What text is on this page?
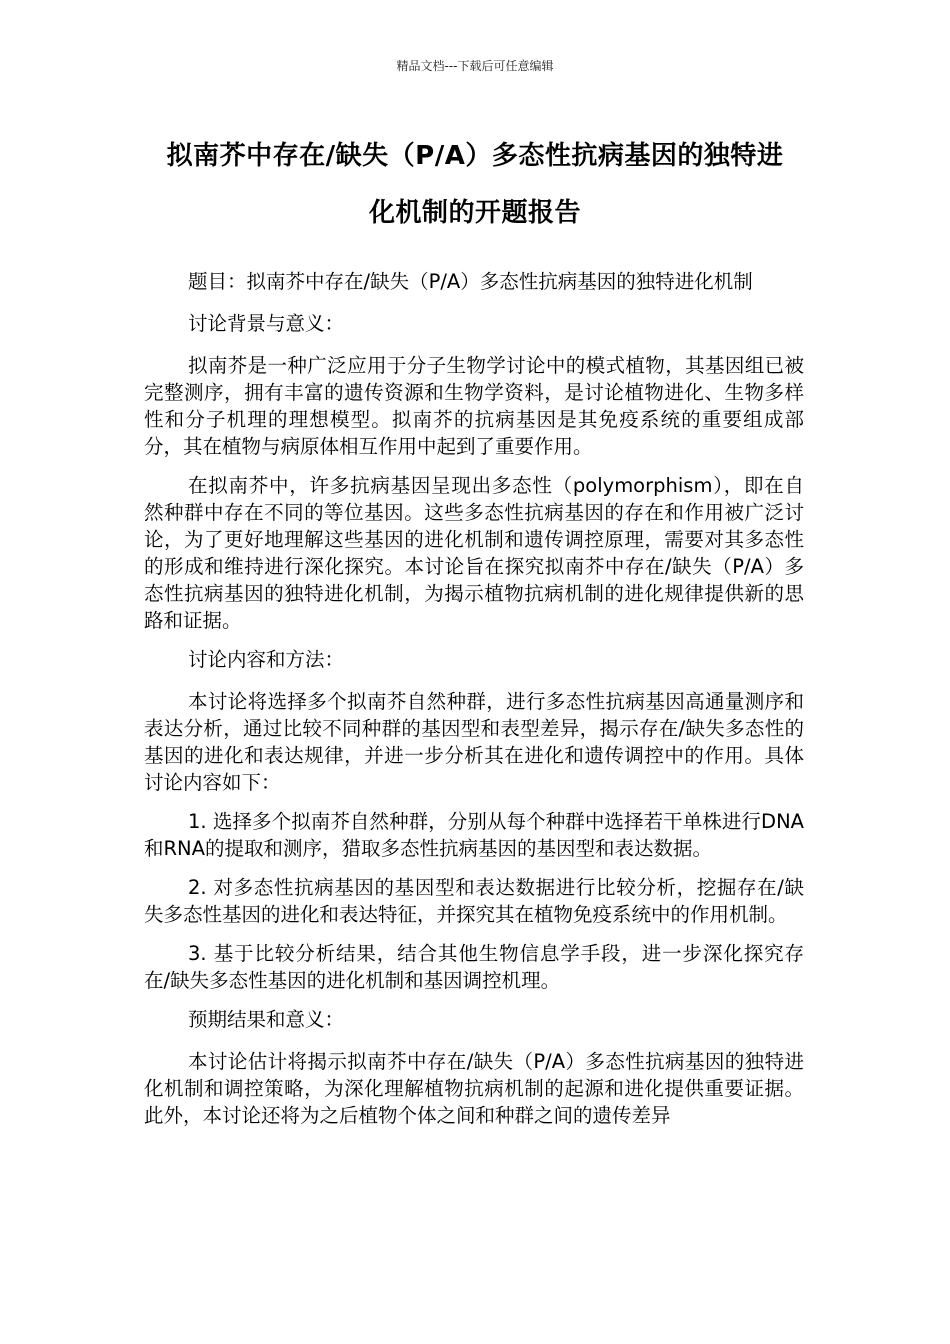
精品文档---下载后可任意编辑
拟南芥中存在/缺失（P/A）多态性抗病基因的独特进
化机制的开题报告

题目：拟南芥中存在/缺失（P/A）多态性抗病基因的独特进化机制

讨论背景与意义：

拟南芥是一种广泛应用于分子生物学讨论中的模式植物，其基因组已被完整测序，拥有丰富的遗传资源和生物学资料，是讨论植物进化、生物多样性和分子机理的理想模型。拟南芥的抗病基因是其免疫系统的重要组成部分，其在植物与病原体相互作用中起到了重要作用。

在拟南芥中，许多抗病基因呈现出多态性（polymorphism），即在自然种群中存在不同的等位基因。这些多态性抗病基因的存在和作用被广泛讨论，为了更好地理解这些基因的进化机制和遗传调控原理，需要对其多态性的形成和维持进行深化探究。本讨论旨在探究拟南芥中存在/缺失（P/A）多态性抗病基因的独特进化机制，为揭示植物抗病机制的进化规律提供新的思路和证据。

讨论内容和方法：

本讨论将选择多个拟南芥自然种群，进行多态性抗病基因高通量测序和表达分析，通过比较不同种群的基因型和表型差异，揭示存在/缺失多态性的基因的进化和表达规律，并进一步分析其在进化和遗传调控中的作用。具体讨论内容如下：

1. 选择多个拟南芥自然种群，分别从每个种群中选择若干单株进行DNA和RNA的提取和测序，猎取多态性抗病基因的基因型和表达数据。

2. 对多态性抗病基因的基因型和表达数据进行比较分析，挖掘存在/缺失多态性基因的进化和表达特征，并探究其在植物免疫系统中的作用机制。

3. 基于比较分析结果，结合其他生物信息学手段，进一步深化探究存在/缺失多态性基因的进化机制和基因调控机理。

预期结果和意义：

本讨论估计将揭示拟南芥中存在/缺失（P/A）多态性抗病基因的独特进化机制和调控策略，为深化理解植物抗病机制的起源和进化提供重要证据。此外，本讨论还将为之后植物个体之间和种群之间的遗传差异
